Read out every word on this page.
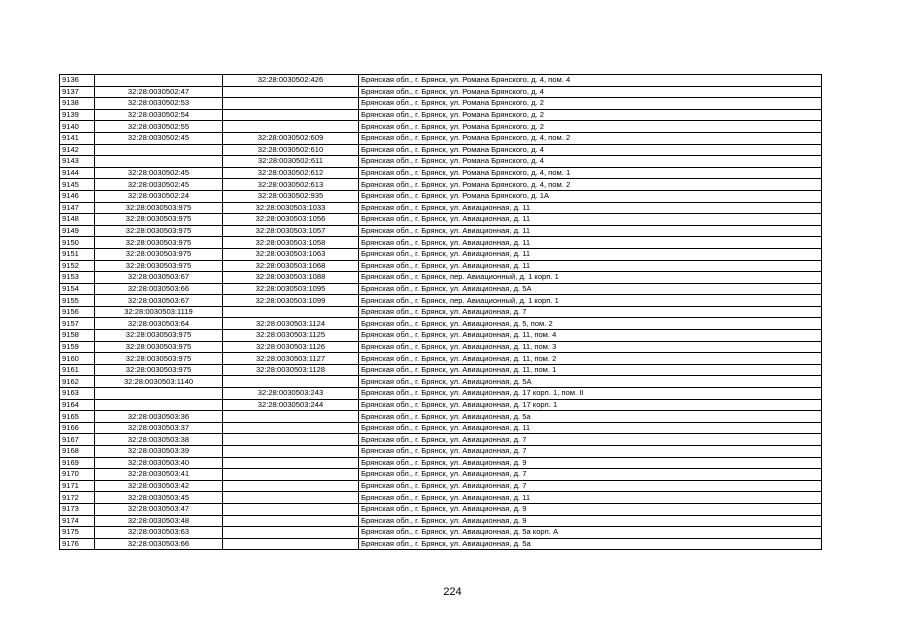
9136		32:28:0030502:426	Брянская обл., г. Брянск, ул. Романа Брянского, д. 4, пом. 4
9137	32:28:0030502:47		Брянская обл., г. Брянск, ул. Романа Брянского, д. 4
9138	32:28:0030502:53		Брянская обл., г. Брянск, ул. Романа Брянского, д. 2
9139	32:28:0030502:54		Брянская обл., г. Брянск, ул. Романа Брянского, д. 2
9140	32:28:0030502:55		Брянская обл., г. Брянск, ул. Романа Брянского, д. 2
9141	32:28:0030502:45	32:28:0030502:609	Брянская обл., г. Брянск, ул. Романа Брянского, д. 4, пом. 2
9142		32:28:0030502:610	Брянская обл., г. Брянск, ул. Романа Брянского, д. 4
9143		32:28:0030502:611	Брянская обл., г. Брянск, ул. Романа Брянского, д. 4
9144	32:28:0030502:45	32:28:0030502:612	Брянская обл., г. Брянск, ул. Романа Брянского, д. 4, пом. 1
9145	32:28:0030502:45	32:28:0030502:613	Брянская обл., г. Брянск, ул. Романа Брянского, д. 4, пом. 2
9146	32:28:0030502:24	32:28:0030502:935	Брянская обл., г. Брянск, ул. Романа Брянского, д. 1А
9147	32:28:0030503:975	32:28:0030503:1033	Брянская обл., г. Брянск, ул. Авиационная, д. 11
9148	32:28:0030503:975	32:28:0030503:1056	Брянская обл., г. Брянск, ул. Авиационная, д. 11
9149	32:28:0030503:975	32:28:0030503:1057	Брянская обл., г. Брянск, ул. Авиационная, д. 11
9150	32:28:0030503:975	32:28:0030503:1058	Брянская обл., г. Брянск, ул. Авиационная, д. 11
9151	32:28:0030503:975	32:28:0030503:1063	Брянская обл., г. Брянск, ул. Авиационная, д. 11
9152	32:28:0030503:975	32:28:0030503:1068	Брянская обл., г. Брянск, ул. Авиационная, д. 11
9153	32:28:0030503:67	32:28:0030503:1088	Брянская обл., г. Брянск, пер. Авиационный, д. 1 корп. 1
9154	32:28:0030503:66	32:28:0030503:1095	Брянская обл., г. Брянск, ул. Авиационная, д. 5А
9155	32:28:0030503:67	32:28:0030503:1099	Брянская обл., г. Брянск, пер. Авиационный, д. 1 корп. 1
9156	32:28:0030503:1119		Брянская обл., г. Брянск, ул. Авиационная, д. 7
9157	32:28:0030503:64	32:28:0030503:1124	Брянская обл., г. Брянск, ул. Авиационная, д. 5, пом. 2
9158	32:28:0030503:975	32:28:0030503:1125	Брянская обл., г. Брянск, ул. Авиационная, д. 11, пом. 4
9159	32:28:0030503:975	32:28:0030503:1126	Брянская обл., г. Брянск, ул. Авиационная, д. 11, пом. 3
9160	32:28:0030503:975	32:28:0030503:1127	Брянская обл., г. Брянск, ул. Авиационная, д. 11, пом. 2
9161	32:28:0030503:975	32:28:0030503:1128	Брянская обл., г. Брянск, ул. Авиационная, д. 11, пом. 1
9162	32:28:0030503:1140		Брянская обл., г. Брянск, ул. Авиационная, д. 5А
9163		32:28:0030503:243	Брянская обл., г. Брянск, ул. Авиационная, д. 17 корп. 1, пом. II
9164		32:28:0030503:244	Брянская обл., г. Брянск, ул. Авиационная, д. 17 корп. 1
9165	32:28:0030503:36		Брянская обл., г. Брянск, ул. Авиационная, д. 5а
9166	32:28:0030503:37		Брянская обл., г. Брянск, ул. Авиационная, д. 11
9167	32:28:0030503:38		Брянская обл., г. Брянск, ул. Авиационная, д. 7
9168	32:28:0030503:39		Брянская обл., г. Брянск, ул. Авиационная, д. 7
9169	32:28:0030503:40		Брянская обл., г. Брянск, ул. Авиационная, д. 9
9170	32:28:0030503:41		Брянская обл., г. Брянск, ул. Авиационная, д. 7
9171	32:28:0030503:42		Брянская обл., г. Брянск, ул. Авиационная, д. 7
9172	32:28:0030503:45		Брянская обл., г. Брянск, ул. Авиационная, д. 11
9173	32:28:0030503:47		Брянская обл., г. Брянск, ул. Авиационная, д. 9
9174	32:28:0030503:48		Брянская обл., г. Брянск, ул. Авиационная, д. 9
9175	32:28:0030503:63		Брянская обл., г. Брянск, ул. Авиационная, д. 5а корп. А
9176	32:28:0030503:66		Брянская обл., г. Брянск, ул. Авиационная, д. 5а
224
